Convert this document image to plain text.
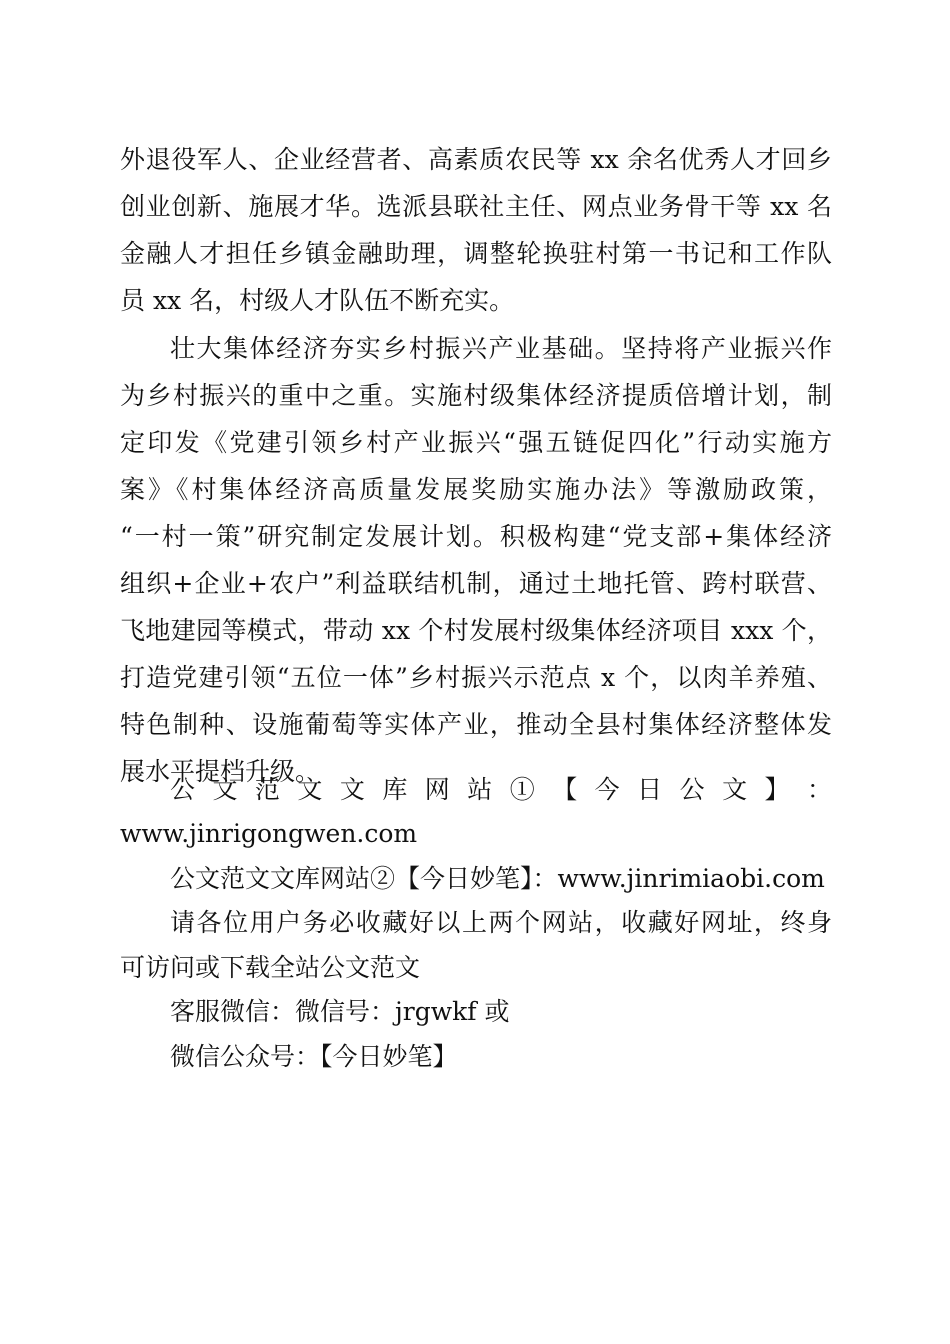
外退役军人、企业经营者、高素质农民等 xx 余名优秀人才回乡
创业创新、施展才华。选派县联社主任、网点业务骨干等 xx 名
金融人才担任乡镇金融助理，调整轮换驻村第一书记和工作队
员 xx 名，村级人才队伍不断充实。
壮大集体经济夯实乡村振兴产业基础。坚持将产业振兴作
为乡村振兴的重中之重。实施村级集体经济提质倍增计划，制
定印发《党建引领乡村产业振兴“强五链促四化”行动实施方
案》《村集体经济高质量发展奖励实施办法》等激励政策，
“一村一策”研究制定发展计划。积极构建“党支部+集体经济
组织+企业+农户”利益联结机制，通过土地托管、跨村联营、
飞地建园等模式，带动 xx 个村发展村级集体经济项目 xxx 个，
打造党建引领“五位一体”乡村振兴示范点 x 个，以肉羊养殖、
特色制种、设施葡萄等实体产业，推动全县村集体经济整体发
展水平提档升级。
公 文 范 文 文 库 网 站 ① 【 今 日 公 文 】 ：
www.jinrigongwen.com
公文范文文库网站②【今日妙笔】：www.jinrimiaobi.com
请各位用户务必收藏好以上两个网站，收藏好网址，终身
可访问或下载全站公文范文
客服微信：微信号：jrgwkf 或
微信公众号：【今日妙笔】
